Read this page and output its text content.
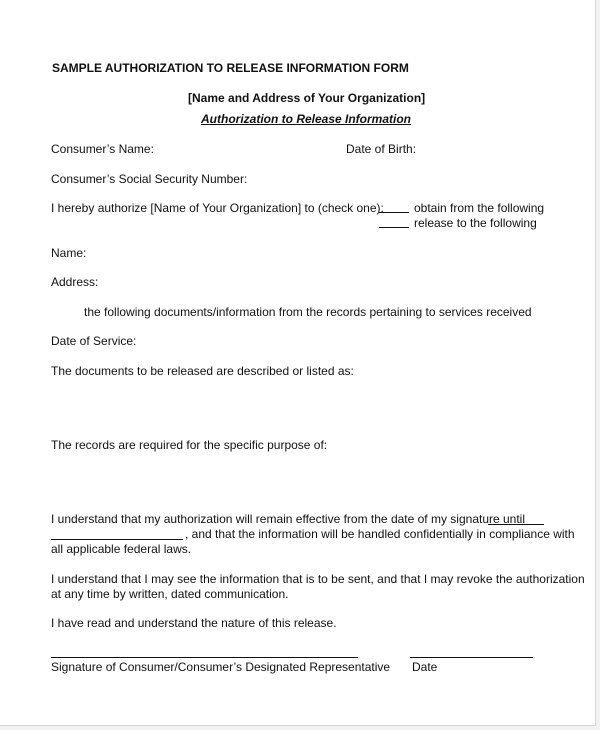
SAMPLE AUTHORIZATION TO RELEASE INFORMATION FORM
[Name and Address of Your Organization]
Authorization to Release Information
Consumer’s Name:	Date of Birth:
Consumer’s Social Security Number:
I hereby authorize [Name of Your Organization] to (check one):	obtain from the following
release to the following
Name:
Address:
the following documents/information from the records pertaining to services received
Date of Service:
The documents to be released are described or listed as:
The records are required for the specific purpose of:
I understand that my authorization will remain effective from the date of my signature until
, and that the information will be handled confidentially in compliance with
all applicable federal laws.
I understand that I may see the information that is to be sent, and that I may revoke the authorization
at any time by written, dated communication.
I have read and understand the nature of this release.
Signature of Consumer/Consumer’s Designated Representative Date
